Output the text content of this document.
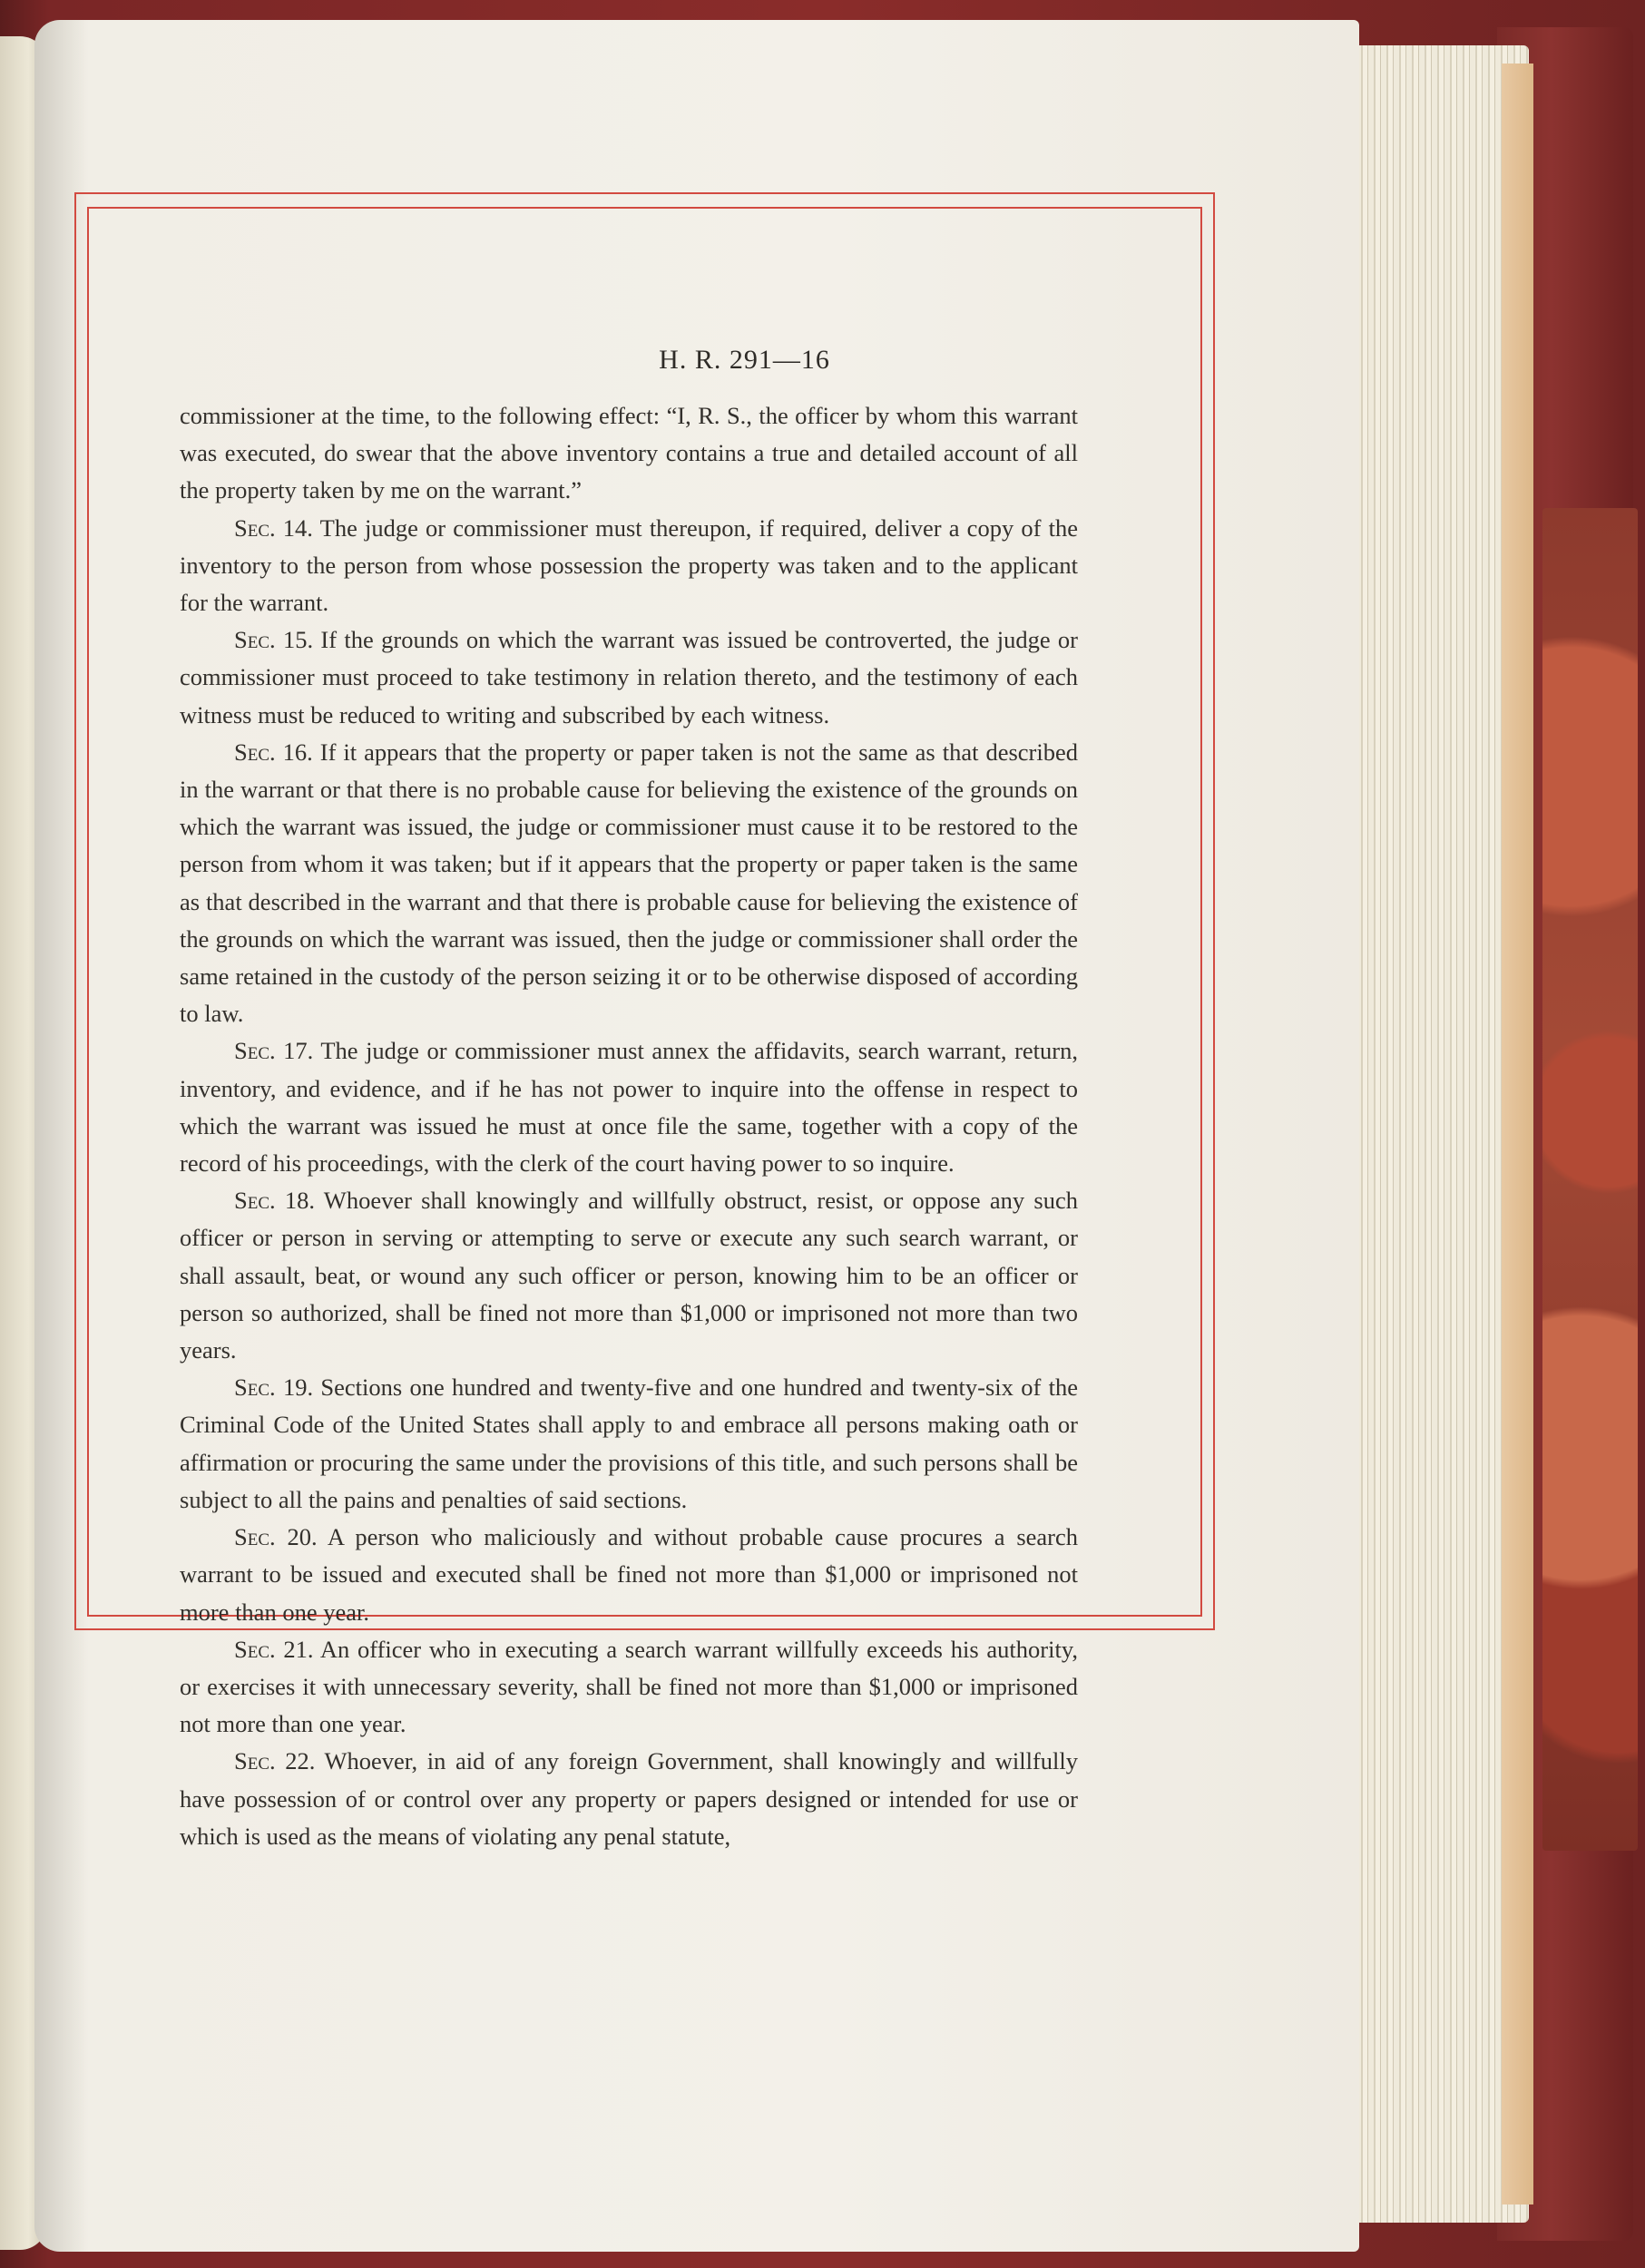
H. R. 291—16

commissioner at the time, to the following effect: “I, R. S., the officer by whom this warrant was executed, do swear that the above inventory contains a true and detailed account of all the property taken by me on the warrant.”

Sec. 14. The judge or commissioner must thereupon, if required, deliver a copy of the inventory to the person from whose possession the property was taken and to the applicant for the warrant.

Sec. 15. If the grounds on which the warrant was issued be controverted, the judge or commissioner must proceed to take testimony in relation thereto, and the testimony of each witness must be reduced to writing and subscribed by each witness.

Sec. 16. If it appears that the property or paper taken is not the same as that described in the warrant or that there is no probable cause for believing the existence of the grounds on which the warrant was issued, the judge or commissioner must cause it to be restored to the person from whom it was taken; but if it appears that the property or paper taken is the same as that described in the warrant and that there is probable cause for believing the existence of the grounds on which the warrant was issued, then the judge or commissioner shall order the same retained in the custody of the person seizing it or to be otherwise disposed of according to law.

Sec. 17. The judge or commissioner must annex the affidavits, search warrant, return, inventory, and evidence, and if he has not power to inquire into the offense in respect to which the warrant was issued he must at once file the same, together with a copy of the record of his proceedings, with the clerk of the court having power to so inquire.

Sec. 18. Whoever shall knowingly and willfully obstruct, resist, or oppose any such officer or person in serving or attempting to serve or execute any such search warrant, or shall assault, beat, or wound any such officer or person, knowing him to be an officer or person so authorized, shall be fined not more than $1,000 or imprisoned not more than two years.

Sec. 19. Sections one hundred and twenty-five and one hundred and twenty-six of the Criminal Code of the United States shall apply to and embrace all persons making oath or affirmation or procuring the same under the provisions of this title, and such persons shall be subject to all the pains and penalties of said sections.

Sec. 20. A person who maliciously and without probable cause procures a search warrant to be issued and executed shall be fined not more than $1,000 or imprisoned not more than one year.

Sec. 21. An officer who in executing a search warrant willfully exceeds his authority, or exercises it with unnecessary severity, shall be fined not more than $1,000 or imprisoned not more than one year.

Sec. 22. Whoever, in aid of any foreign Government, shall knowingly and willfully have possession of or control over any property or papers designed or intended for use or which is used as the means of violating any penal statute,
